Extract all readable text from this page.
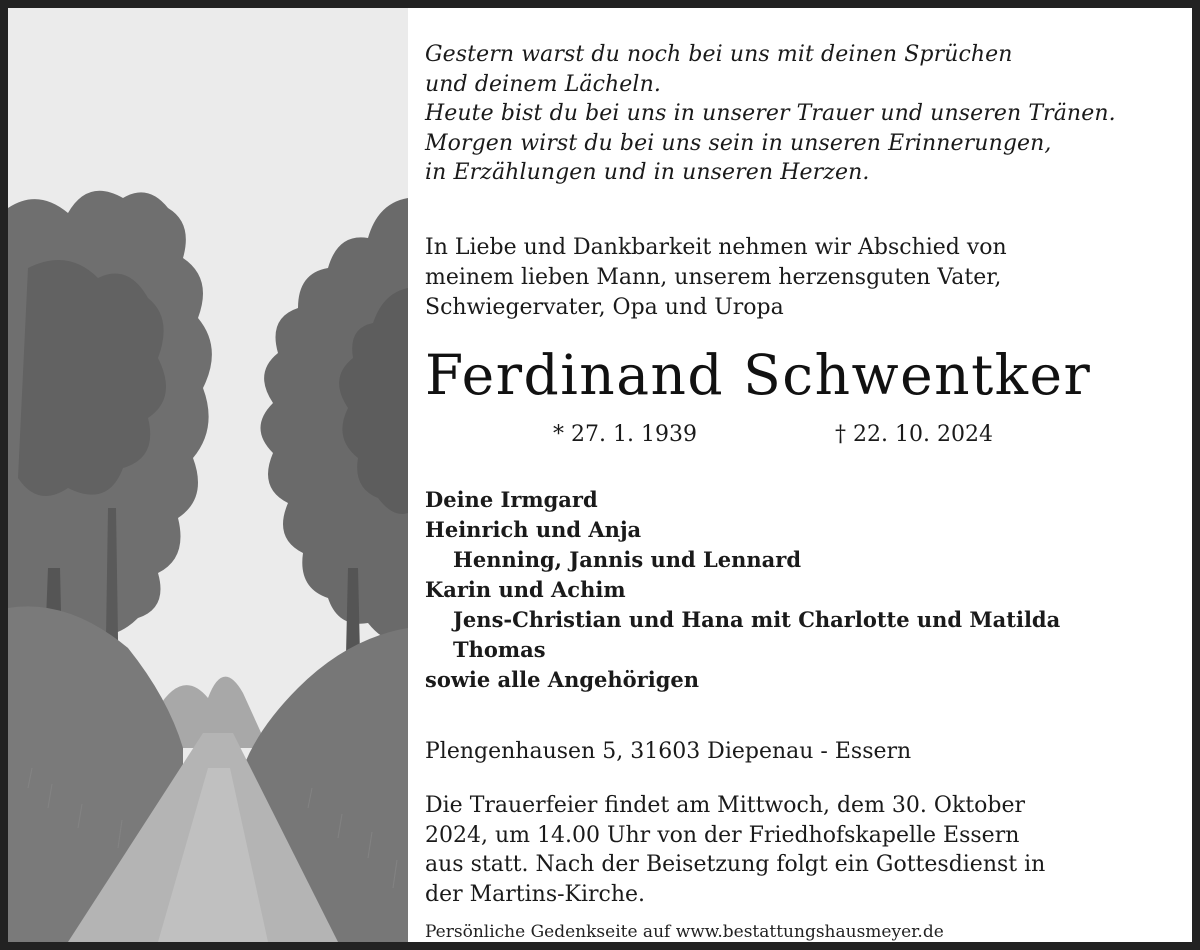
Gestern warst du noch bei uns mit deinen Sprüchen
und deinem Lächeln.
Heute bist du bei uns in unserer Trauer und unseren Tränen.
Morgen wirst du bei uns sein in unseren Erinnerungen,
in Erzählungen und in unseren Herzen.
In Liebe und Dankbarkeit nehmen wir Abschied von
meinem lieben Mann, unserem herzensguten Vater,
Schwiegervater, Opa und Uropa
Ferdinand Schwentker
* 27. 1. 1939	† 22. 10. 2024
Deine Irmgard
Heinrich und Anja
Henning, Jannis und Lennard
Karin und Achim
Jens-Christian und Hana mit Charlotte und Matilda
Thomas
sowie alle Angehörigen
Plengenhausen 5, 31603 Diepenau - Essern
Die Trauerfeier findet am Mittwoch, dem 30. Oktober
2024, um 14.00 Uhr von der Friedhofskapelle Essern
aus statt. Nach der Beisetzung folgt ein Gottesdienst in
der Martins-Kirche.
Persönliche Gedenkseite auf www.bestattungshausmeyer.de
